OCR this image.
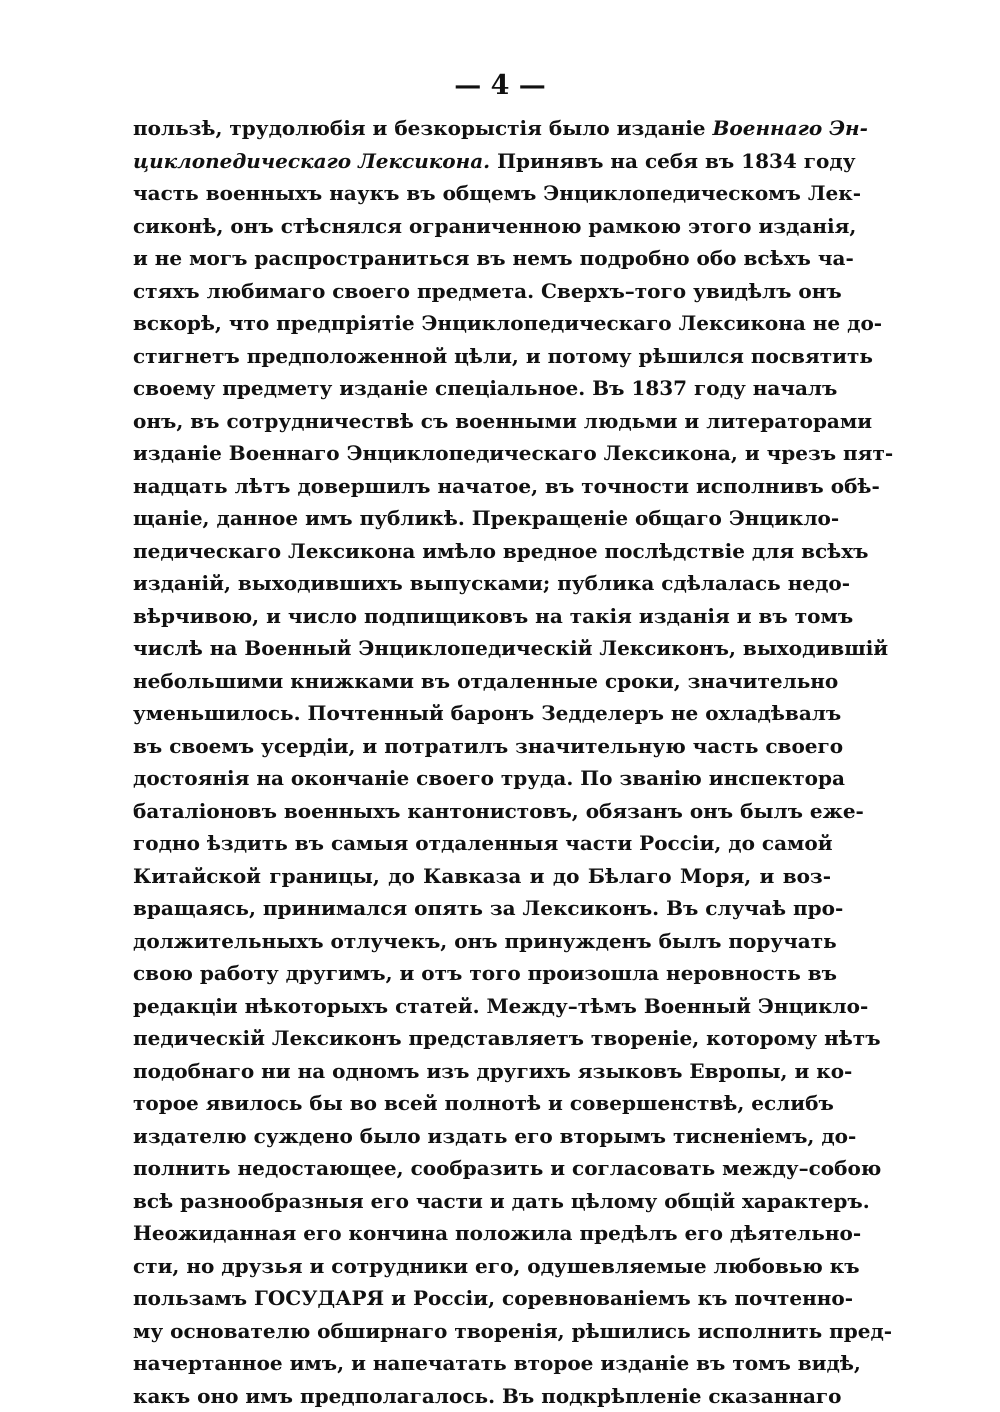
— 4 —
пользѣ, трудолюбія и безкорыстія было изданіе Военнаго Эн-
циклопедическаго Лексикона. Принявъ на себя въ 1834 году
часть военныхъ наукъ въ общемъ Энциклопедическомъ Лек-
сиконѣ, онъ стѣснялся ограниченною рамкою этого изданія,
и не могъ распространиться въ немъ подробно обо всѣхъ ча-
стяхъ любимаго своего предмета. Сверхъ–того увидѣлъ онъ
вскорѣ, что предпріятіе Энциклопедическаго Лексикона не до-
стигнетъ предположенной цѣли, и потому рѣшился посвятить
своему предмету изданіе спеціальное. Въ 1837 году началъ
онъ, въ сотрудничествѣ съ военными людьми и литераторами
изданіе Военнаго Энциклопедическаго Лексикона, и чрезъ пят-
надцать лѣтъ довершилъ начатое, въ точности исполнивъ обѣ-
щаніе, данное имъ публикѣ. Прекращеніе общаго Энцикло-
педическаго Лексикона имѣло вредное послѣдствіе для всѣхъ
изданій, выходившихъ выпусками; публика сдѣлалась недо-
вѣрчивою, и число подпищиковъ на такія изданія и въ томъ
числѣ на Военный Энциклопедическій Лексиконъ, выходившій
небольшими книжками въ отдаленные сроки, значительно
уменьшилось. Почтенный баронъ Зедделеръ не охладѣвалъ
въ своемъ усердіи, и потратилъ значительную часть своего
достоянія на окончаніе своего труда. По званію инспектора
баталіоновъ военныхъ кантонистовъ, обязанъ онъ былъ еже-
годно ѣздить въ самыя отдаленныя части Россіи, до самой
Китайской границы, до Кавказа и до Бѣлаго Моря, и воз-
вращаясь, принимался опять за Лексиконъ. Въ случаѣ про-
должительныхъ отлучекъ, онъ принужденъ былъ поручать
свою работу другимъ, и отъ того произошла неровность въ
редакціи нѣкоторыхъ статей. Между–тѣмъ Военный Энцикло-
педическій Лексиконъ представляетъ твореніе, которому нѣтъ
подобнаго ни на одномъ изъ другихъ языковъ Европы, и ко-
торое явилось бы во всей полнотѣ и совершенствѣ, еслибъ
издателю суждено было издать его вторымъ тисненіемъ, до-
полнить недостающее, сообразить и согласовать между–собою
всѣ разнообразныя его части и дать цѣлому общій характеръ.
Неожиданная его кончина положила предѣлъ его дѣятельно-
сти, но друзья и сотрудники его, одушевляемые любовью къ
пользамъ ГОСУДАРЯ и Россіи, соревнованіемъ къ почтенно-
му основателю обширнаго творенія, рѣшились исполнить пред-
начертанное имъ, и напечатать второе изданіе въ томъ видѣ,
какъ оно имъ предполагалось. Въ подкрѣпленіе сказаннаго
